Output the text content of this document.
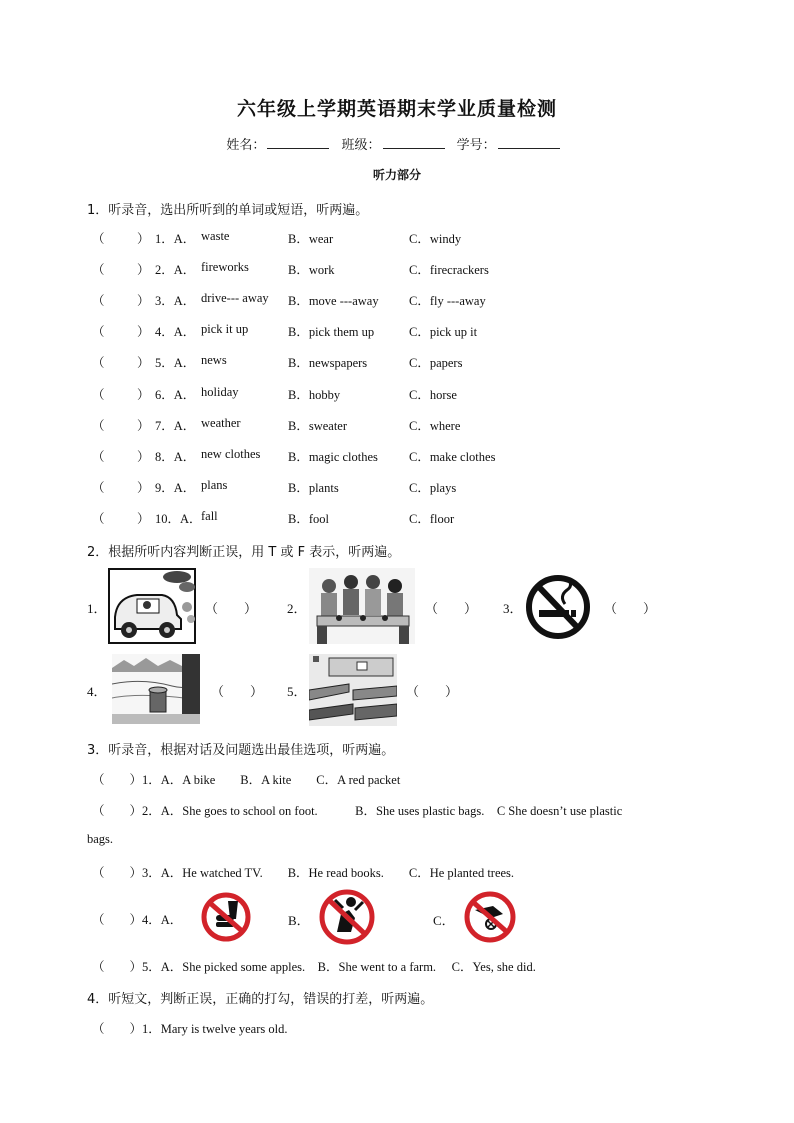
六年级上学期英语期末学业质量检测
姓名：	班级：	学号：
听力部分
1．听录音，选出所听到的单词或短语，听两遍。
（	） 1．A． waste	B．wear	C．windy
（	） 2．A． fireworks	B．work	C．firecrackers
（	） 3．A． drive--- away B．move ---away C．fly ---away
（	） 4．A． pick it up	B．pick them up	C．pick up it
（	） 5．A． news	B．newspapers	C．papers
（	） 6．A． holiday	B．hobby	C．horse
（	） 7．A． weather	B．sweater	C．where
（	） 8．A． new clothes B．magic clothes C．make clothes
（	） 9．A． plans	B．plants	C．plays
（	） 10．A． fall	B．fool	C．floor
2．根据所听内容判断正误，用 T 或 F 表示，听两遍。
1．	（　　） 2．	（　　） 3．	（　　）
4．	（　　） 5．	（　　）
3．听录音，根据对话及问题选出最佳选项，听两遍。
（　　）1．A．A bike　　B．A kite　　C．A red packet
（　　）2．A．She goes to school on foot.　　　B．She uses plastic bags.　C She doesn’t use plastic
bags.
（　　）3．A．He watched TV.　　B．He read books.　　C．He planted trees.
（　　）4．A．	B．	C．
（　　）5．A．She picked some apples.　B．She went to a farm.　 C．Yes, she did.
4．听短文，判断正误，正确的打勾，错误的打差，听两遍。
（　　）1．Mary is twelve years old.
